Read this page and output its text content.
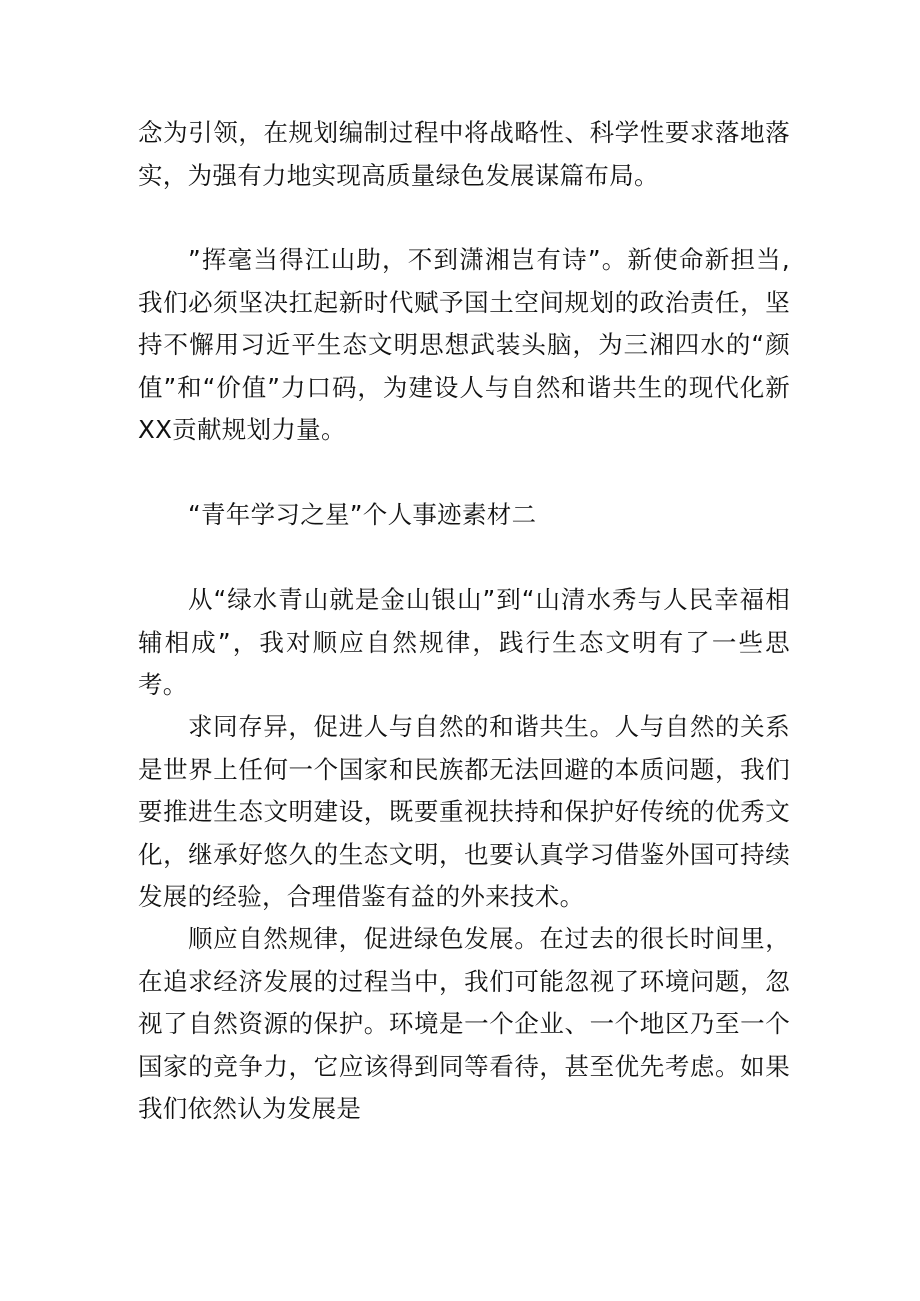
念为引领，在规划编制过程中将战略性、科学性要求落地落实，为强有力地实现高质量绿色发展谋篇布局。

”挥毫当得江山助，不到潇湘岂有诗”。新使命新担当,我们必须坚决扛起新时代赋予国土空间规划的政治责任，坚持不懈用习近平生态文明思想武装头脑，为三湘四水的“颜值”和“价值”力口码，为建设人与自然和谐共生的现代化新XX贡献规划力量。

“青年学习之星”个人事迹素材二

从“绿水青山就是金山银山”到“山清水秀与人民幸福相辅相成”，我对顺应自然规律，践行生态文明有了一些思考。

求同存异，促进人与自然的和谐共生。人与自然的关系是世界上任何一个国家和民族都无法回避的本质问题，我们要推进生态文明建设，既要重视扶持和保护好传统的优秀文化，继承好悠久的生态文明，也要认真学习借鉴外国可持续发展的经验，合理借鉴有益的外来技术。

顺应自然规律，促进绿色发展。在过去的很长时间里，在追求经济发展的过程当中，我们可能忽视了环境问题，忽视了自然资源的保护。环境是一个企业、一个地区乃至一个国家的竞争力，它应该得到同等看待，甚至优先考虑。如果我们依然认为发展是
